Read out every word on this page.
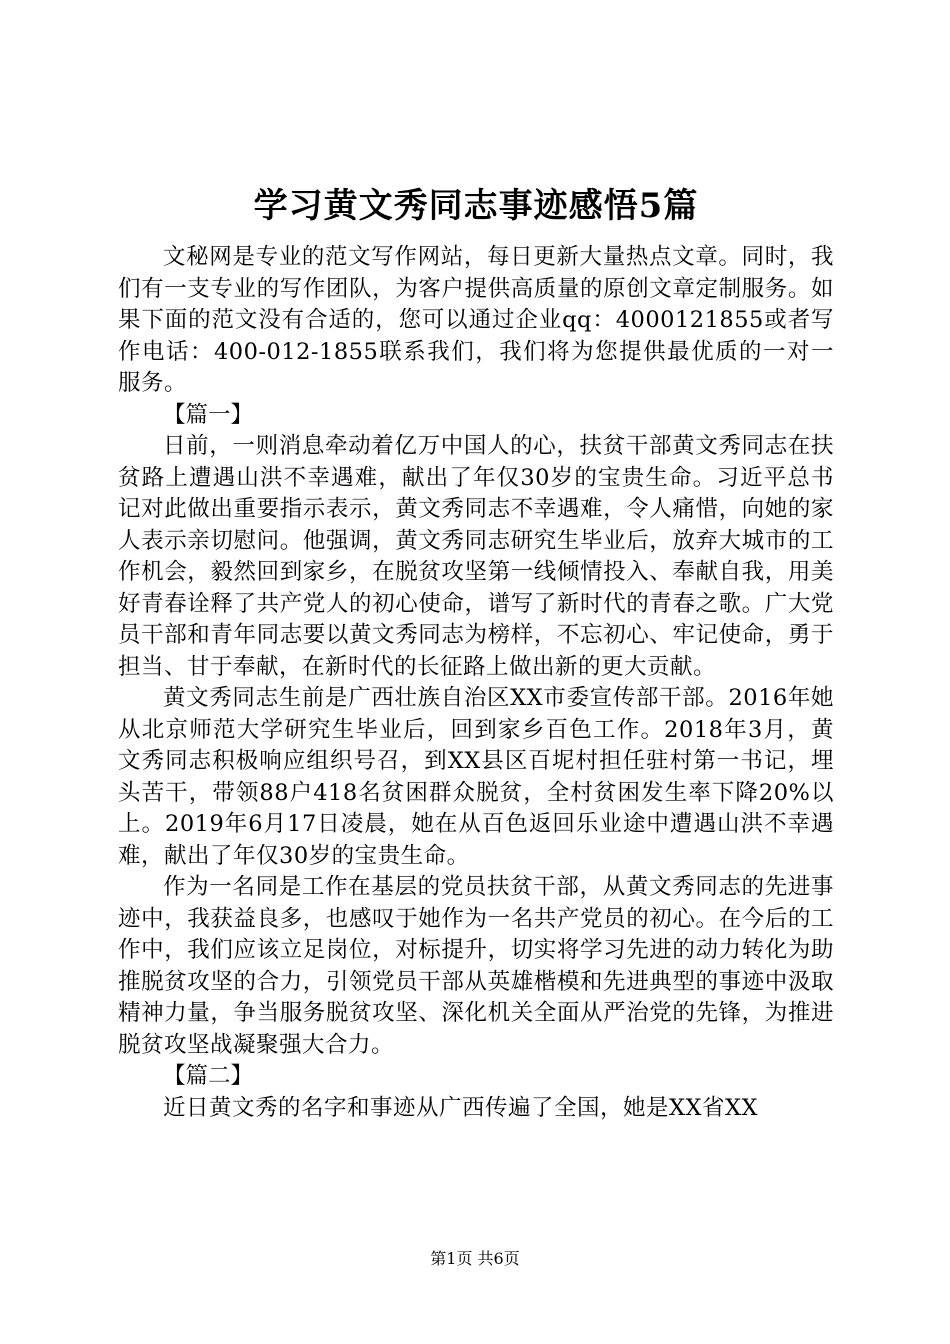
学习黄文秀同志事迹感悟5篇

文秘网是专业的范文写作网站，每日更新大量热点文章。同时，我们有一支专业的写作团队，为客户提供高质量的原创文章定制服务。如果下面的范文没有合适的，您可以通过企业qq：4000121855或者写作电话：400-012-1855联系我们，我们将为您提供最优质的一对一服务。

【篇一】

日前，一则消息牵动着亿万中国人的心，扶贫干部黄文秀同志在扶贫路上遭遇山洪不幸遇难，献出了年仅30岁的宝贵生命。习近平总书记对此做出重要指示表示，黄文秀同志不幸遇难，令人痛惜，向她的家人表示亲切慰问。他强调，黄文秀同志研究生毕业后，放弃大城市的工作机会，毅然回到家乡，在脱贫攻坚第一线倾情投入、奉献自我，用美好青春诠释了共产党人的初心使命，谱写了新时代的青春之歌。广大党员干部和青年同志要以黄文秀同志为榜样，不忘初心、牢记使命，勇于担当、甘于奉献，在新时代的长征路上做出新的更大贡献。

黄文秀同志生前是广西壮族自治区XX市委宣传部干部。2016年她从北京师范大学研究生毕业后，回到家乡百色工作。2018年3月，黄文秀同志积极响应组织号召，到XX县区百坭村担任驻村第一书记，埋头苦干，带领88户418名贫困群众脱贫，全村贫困发生率下降20%以上。2019年6月17日凌晨，她在从百色返回乐业途中遭遇山洪不幸遇难，献出了年仅30岁的宝贵生命。

作为一名同是工作在基层的党员扶贫干部，从黄文秀同志的先进事迹中，我获益良多，也感叹于她作为一名共产党员的初心。在今后的工作中，我们应该立足岗位，对标提升，切实将学习先进的动力转化为助推脱贫攻坚的合力，引领党员干部从英雄楷模和先进典型的事迹中汲取精神力量，争当服务脱贫攻坚、深化机关全面从严治党的先锋，为推进脱贫攻坚战凝聚强大合力。

【篇二】

近日黄文秀的名字和事迹从广西传遍了全国，她是XX省XX

第1页 共6页
